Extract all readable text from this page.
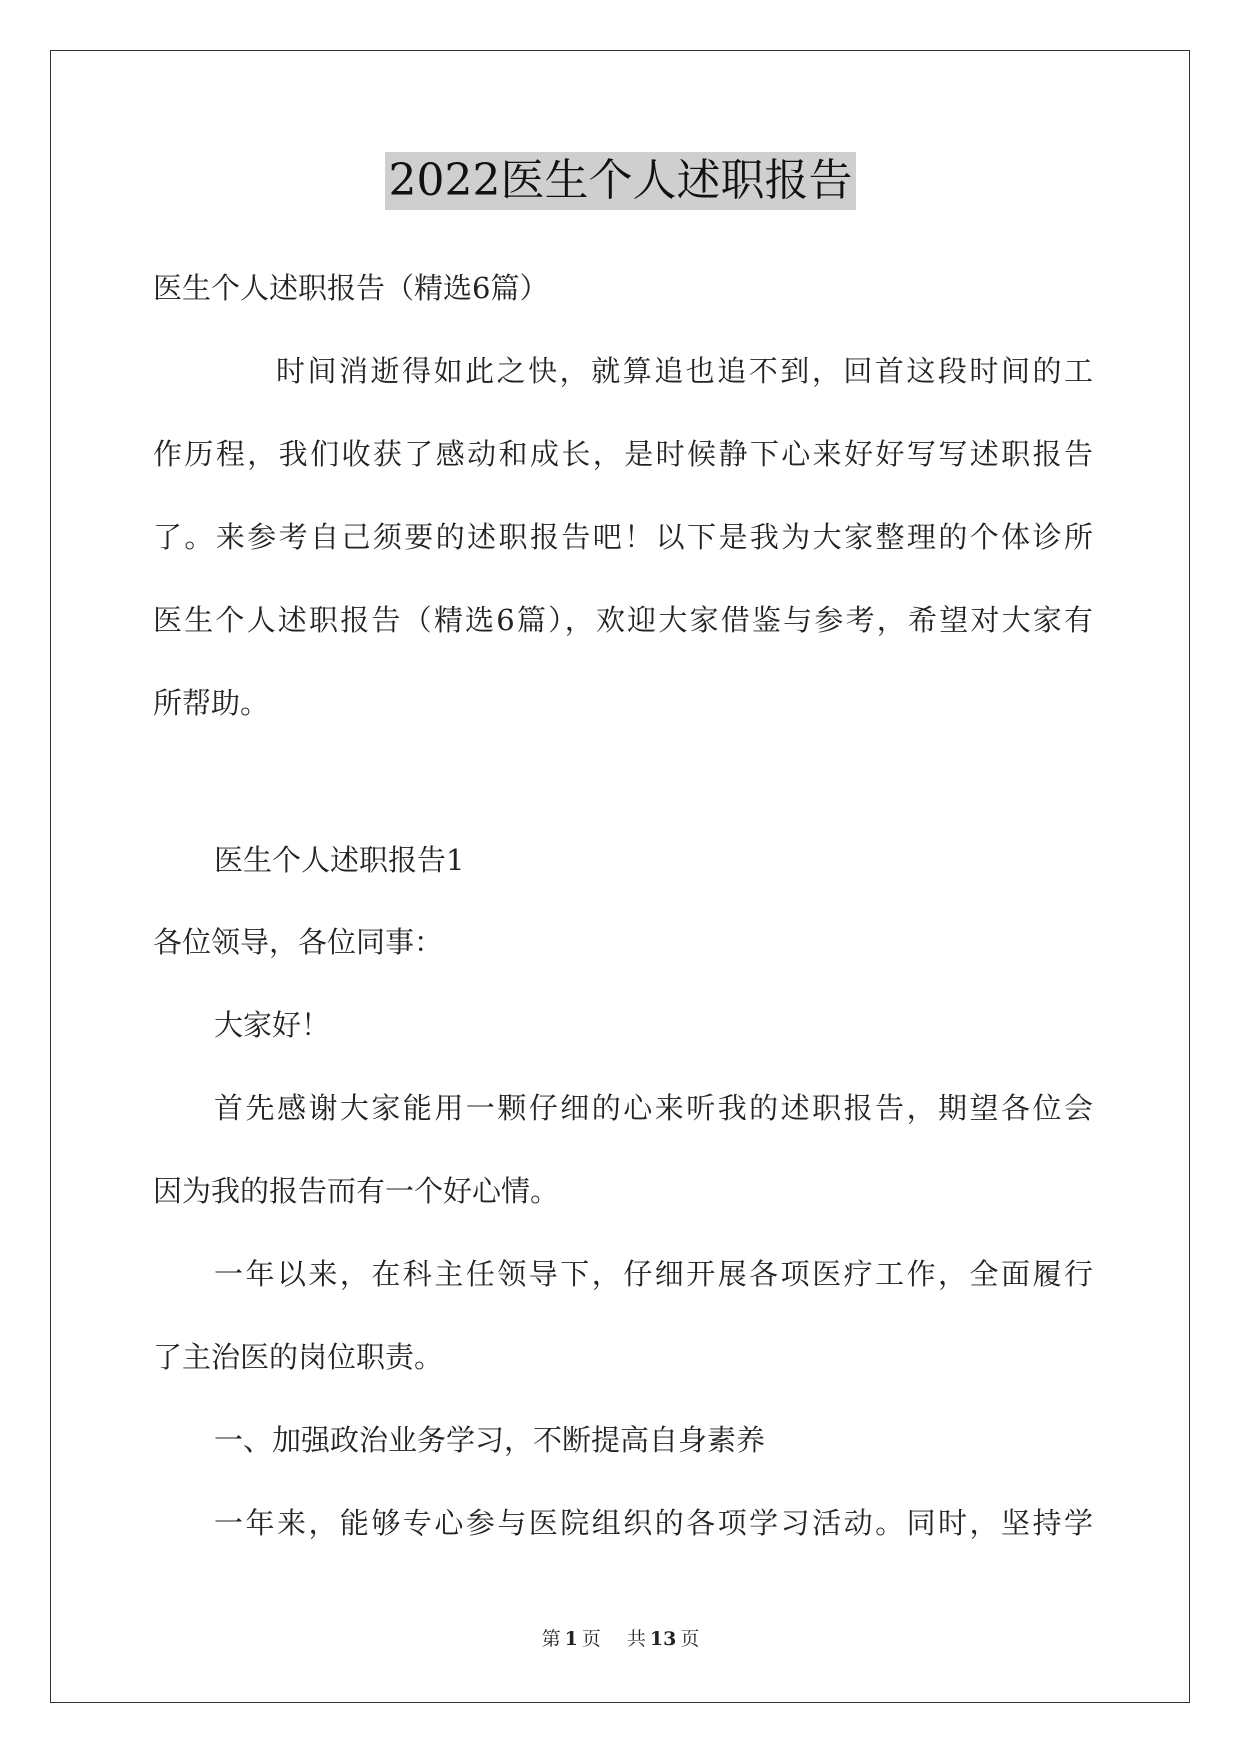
2022医生个人述职报告
医生个人述职报告（精选6篇）
时间消逝得如此之快，就算追也追不到，回首这段时间的工
作历程，我们收获了感动和成长，是时候静下心来好好写写述职报告
了。来参考自己须要的述职报告吧！以下是我为大家整理的个体诊所
医生个人述职报告（精选6篇），欢迎大家借鉴与参考，希望对大家有
所帮助。
医生个人述职报告1
各位领导，各位同事：
大家好！
首先感谢大家能用一颗仔细的心来听我的述职报告，期望各位会
因为我的报告而有一个好心情。
一年以来，在科主任领导下，仔细开展各项医疗工作，全面履行
了主治医的岗位职责。
一、加强政治业务学习，不断提高自身素养
一年来，能够专心参与医院组织的各项学习活动。同时，坚持学
第 1 页 共 13 页
